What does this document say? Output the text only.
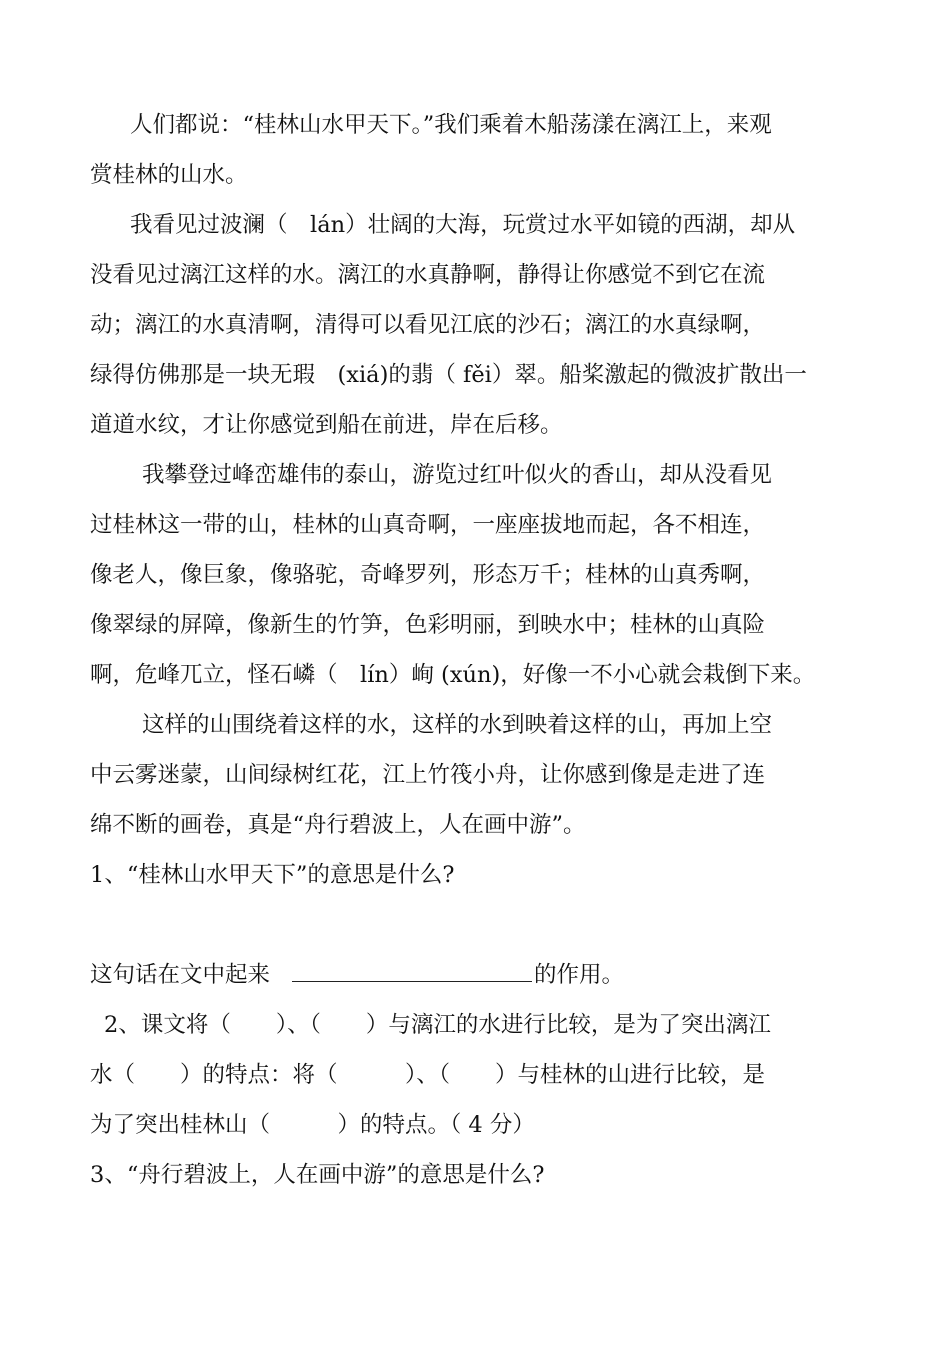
人们都说：“桂林山水甲天下。”我们乘着木船荡漾在漓江上，来观
赏桂林的山水。
我看见过波澜（　lán）壮阔的大海，玩赏过水平如镜的西湖，却从
没看见过漓江这样的水。漓江的水真静啊，静得让你感觉不到它在流
动；漓江的水真清啊，清得可以看见江底的沙石；漓江的水真绿啊，
绿得仿佛那是一块无瑕　(xiá)的翡（ fěi）翠。船桨激起的微波扩散出一
道道水纹，才让你感觉到船在前进，岸在后移。
我攀登过峰峦雄伟的泰山，游览过红叶似火的香山，却从没看见
过桂林这一带的山，桂林的山真奇啊，一座座拔地而起，各不相连，
像老人，像巨象，像骆驼，奇峰罗列，形态万千；桂林的山真秀啊，
像翠绿的屏障，像新生的竹笋，色彩明丽，到映水中；桂林的山真险
啊，危峰兀立，怪石嶙（　lín）峋 (xún)，好像一不小心就会栽倒下来。
这样的山围绕着这样的水，这样的水到映着这样的山，再加上空
中云雾迷蒙，山间绿树红花，江上竹筏小舟，让你感到像是走进了连
绵不断的画卷，真是“舟行碧波上，人在画中游”。
1、“桂林山水甲天下”的意思是什么?
这句话在文中起来	的作用。
2、课文将（　　）、（　　）与漓江的水进行比较，是为了突出漓江
水（　　）的特点：将（　　　）、（　　）与桂林的山进行比较，是
为了突出桂林山（　　　）的特点。（ 4 分）
3、“舟行碧波上，人在画中游”的意思是什么?
